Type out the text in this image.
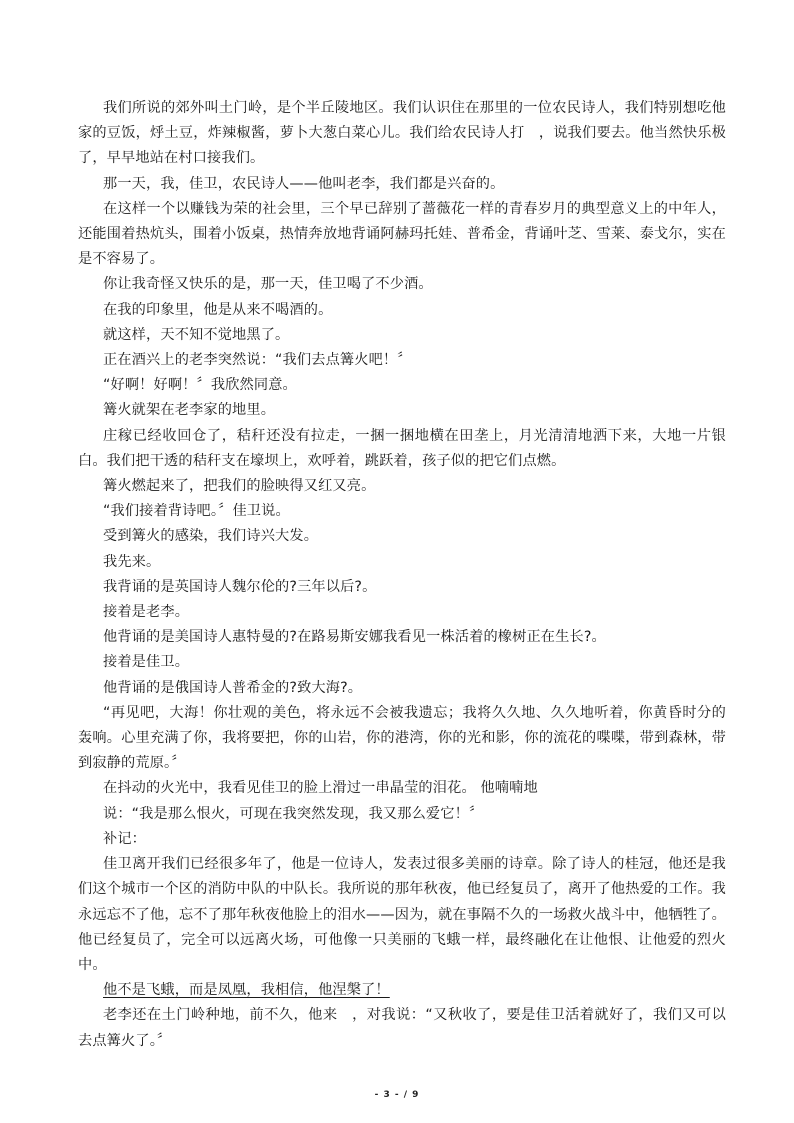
我们所说的郊外叫土门岭，是个半丘陵地区。我们认识住在那里的一位农民诗人，我们特别想吃他家的豆饭，烀土豆，炸辣椒酱，萝卜大葱白菜心儿。我们给农民诗人打　，说我们要去。他当然快乐极了，早早地站在村口接我们。

那一天，我，佳卫，农民诗人——他叫老李，我们都是兴奋的。

在这样一个以赚钱为荣的社会里，三个早已辞别了蔷薇花一样的青春岁月的典型意义上的中年人，还能围着热炕头，围着小饭桌，热情奔放地背诵阿赫玛托娃、普希金，背诵叶芝、雪莱、泰戈尔，实在是不容易了。

你让我奇怪又快乐的是，那一天，佳卫喝了不少酒。

在我的印象里，他是从来不喝酒的。

就这样，天不知不觉地黑了。

正在酒兴上的老李突然说：“我们去点篝火吧！〞

“好啊！好啊！〞我欣然同意。

篝火就架在老李家的地里。

庄稼已经收回仓了，秸秆还没有拉走，一捆一捆地横在田垄上，月光清清地洒下来，大地一片银白。我们把干透的秸秆支在壕坝上，欢呼着，跳跃着，孩子似的把它们点燃。

篝火燃起来了，把我们的脸映得又红又亮。

“我们接着背诗吧。〞佳卫说。

受到篝火的感染，我们诗兴大发。

我先来。

我背诵的是英国诗人魏尔伦的?三年以后?。

接着是老李。

他背诵的是美国诗人惠特曼的?在路易斯安娜我看见一株活着的橡树正在生长?。

接着是佳卫。

他背诵的是俄国诗人普希金的?致大海?。

“再见吧，大海！你壮观的美色，将永远不会被我遗忘；我将久久地、久久地听着，你黄昏时分的轰响。心里充满了你，我将要把，你的山岩，你的港湾，你的光和影，你的流花的喋喋，带到森林，带到寂静的荒原。〞

在抖动的火光中，我看见佳卫的脸上滑过一串晶莹的泪花。 他喃喃地

说：“我是那么恨火，可现在我突然发现，我又那么爱它！〞

补记：

佳卫离开我们已经很多年了，他是一位诗人，发表过很多美丽的诗章。除了诗人的桂冠，他还是我们这个城市一个区的消防中队的中队长。我所说的那年秋夜，他已经复员了，离开了他热爱的工作。我永远忘不了他，忘不了那年秋夜他脸上的泪水——因为，就在事隔不久的一场救火战斗中，他牺牲了。他已经复员了，完全可以远离火场，可他像一只美丽的飞蛾一样，最终融化在让他恨、让他爱的烈火中。

他不是飞蛾，而是凤凰，我相信，他涅槃了！

老李还在土门岭种地，前不久，他来　，对我说：“又秋收了，要是佳卫活着就好了，我们又可以去点篝火了。〞

- 3 - / 9
